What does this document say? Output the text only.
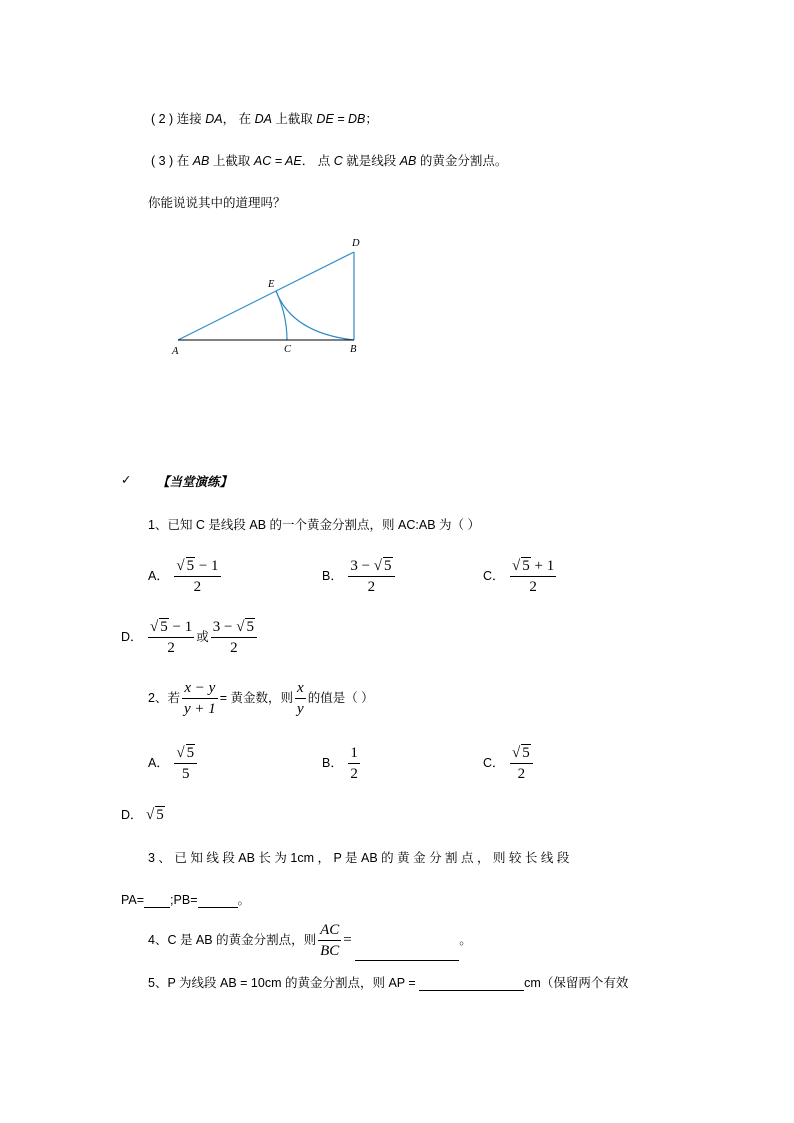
( 2 ) 连接 DA， 在 DA 上截取 DE = DB；
( 3 ) 在 AB 上截取 AC = AE． 点 C 就是线段 AB 的黄金分割点。
你能说说其中的道理吗？
A	B
C
D
E
✓ 【当堂演练】
1、已知 C 是线段 AB 的一个黄金分割点，则 AC:AB 为（ ）
A． $\frac{√ 5 - 1}{2}$	B． $\frac{3 - √ 5}{2}$	C． $\frac{√ 5 + 1}{2}$
D． $\frac{√ 5 - 1}{2}$ 或 $\frac{3 - √ 5}{2}$
2、若 $\frac{x - y}{y + 1}$ = 黄金数，则 $\frac{x}{y}$ 的值是（ ）
A． $\frac{√ 5}{5}$	B． $\frac{1}{2}$	C． $\frac{√ 5}{2}$
D． √ 5
3 、 已 知 线 段 AB 长 为 1cm ， P 是 AB 的 黄 金 分 割 点 ， 则 较 长 线 段
PA= ;PB=	。
4、C 是 AB 的黄金分割点，则 $\frac{AC}{BC}$ =	。
5、P 为线段 AB = 10cm 的黄金分割点，则 AP =	cm（保留两个有效
